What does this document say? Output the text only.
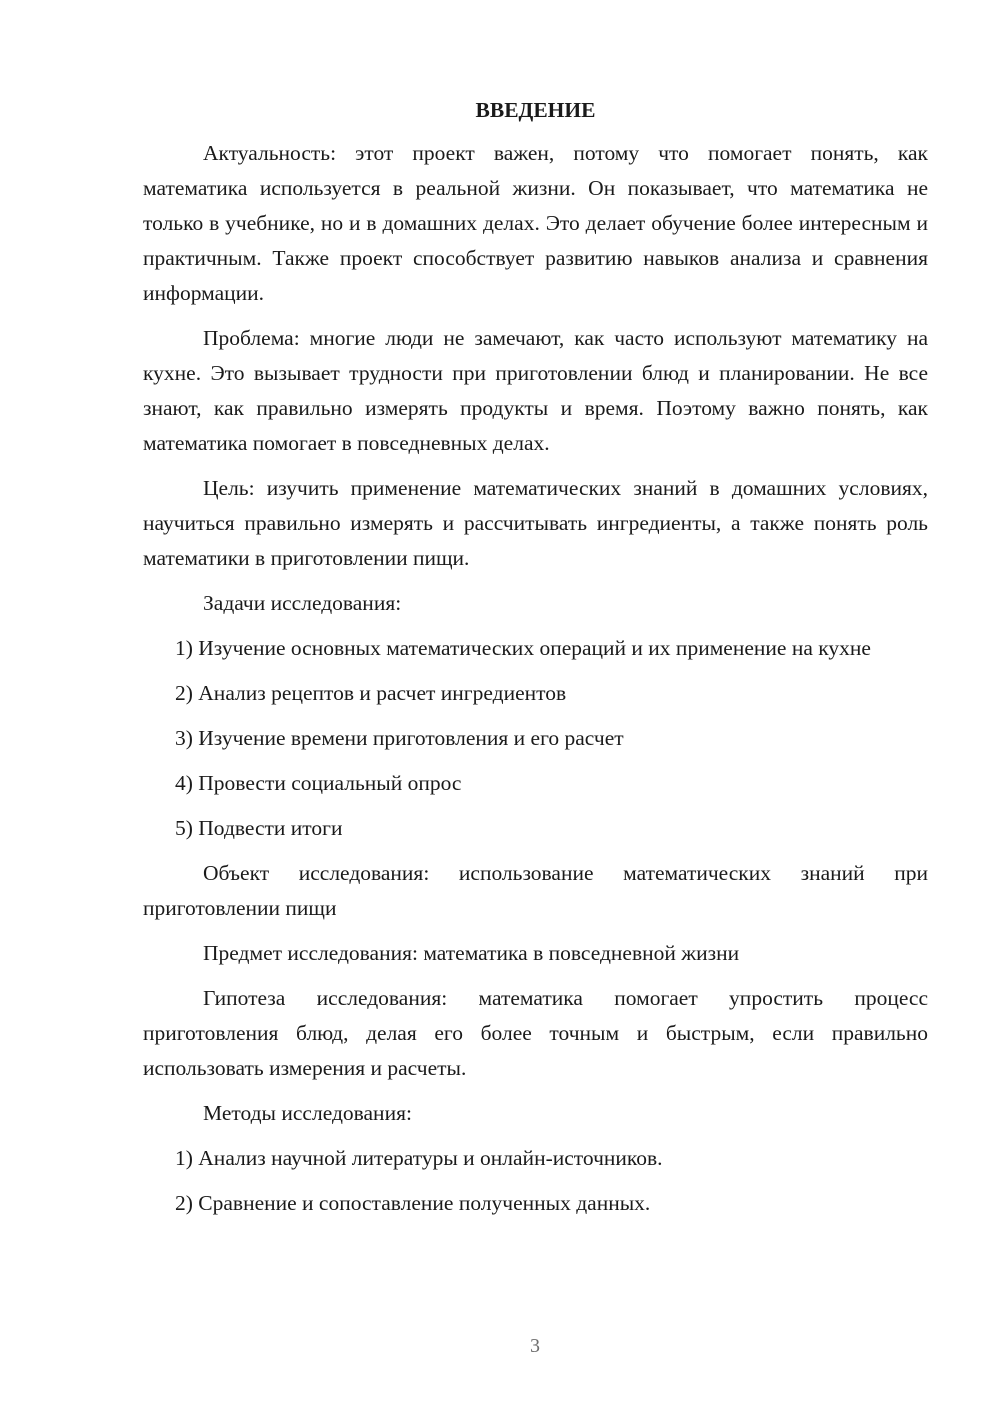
ВВЕДЕНИЕ

Актуальность: этот проект важен, потому что помогает понять, как математика используется в реальной жизни. Он показывает, что математика не только в учебнике, но и в домашних делах. Это делает обучение более интересным и практичным. Также проект способствует развитию навыков анализа и сравнения информации.

Проблема: многие люди не замечают, как часто используют математику на кухне. Это вызывает трудности при приготовлении блюд и планировании. Не все знают, как правильно измерять продукты и время. Поэтому важно понять, как математика помогает в повседневных делах.

Цель: изучить применение математических знаний в домашних условиях, научиться правильно измерять и рассчитывать ингредиенты, а также понять роль математики в приготовлении пищи.

Задачи исследования:

1) Изучение основных математических операций и их применение на кухне

2) Анализ рецептов и расчет ингредиентов

3) Изучение времени приготовления и его расчет

4) Провести социальный опрос

5) Подвести итоги

Объект исследования: использование математических знаний при приготовлении пищи

Предмет исследования: математика в повседневной жизни

Гипотеза исследования: математика помогает упростить процесс приготовления блюд, делая его более точным и быстрым, если правильно использовать измерения и расчеты.

Методы исследования:

1) Анализ научной литературы и онлайн-источников.

2) Сравнение и сопоставление полученных данных.

3
